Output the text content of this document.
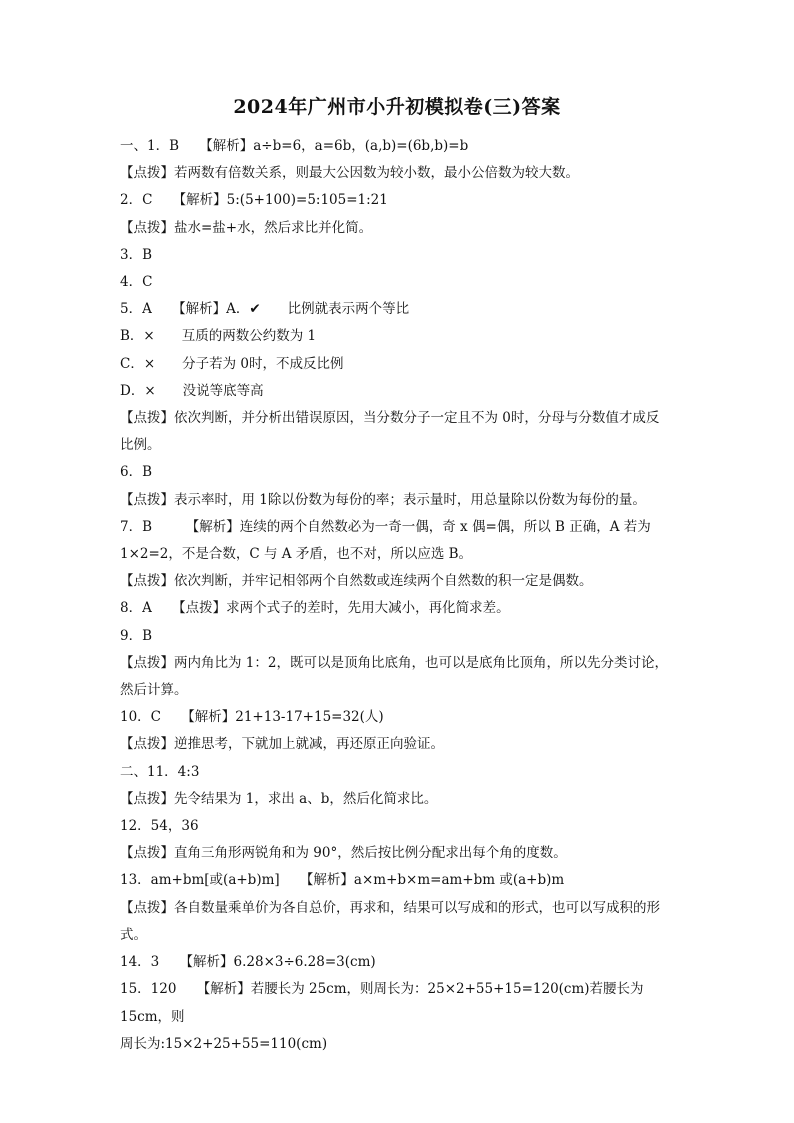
2024年广州市小升初模拟卷(三)答案

一、1．B　　【解析】a÷b=6，a=6b，(a,b)=(6b,b)=b

【点拨】若两数有倍数关系，则最大公因数为较小数，最小公倍数为较大数。

2．C　　【解析】5:(5+100)=5:105=1:21

【点拨】盐水=盐+水，然后求比并化简。

3．B

4．C

5．A　　【解析】A．✔　　比例就表示两个等比

B．×　　互质的两数公约数为 1

C．×　　分子若为 0时，不成反比例

D．×　　没说等底等高

【点拨】依次判断，并分析出错误原因，当分数分子一定且不为 0时，分母与分数值才成反

比例。

6．B

【点拨】表示率时，用 1除以份数为每份的率；表示量时，用总量除以份数为每份的量。

7．B　　　【解析】连续的两个自然数必为一奇一偶，奇 x 偶=偶，所以 B 正确，A 若为

1×2=2，不是合数，C 与 A 矛盾，也不对，所以应选 B。

【点拨】依次判断，并牢记相邻两个自然数或连续两个自然数的积一定是偶数。

8．A　　【点拨】求两个式子的差时，先用大减小，再化简求差。

9．B

【点拨】两内角比为 1：2，既可以是顶角比底角，也可以是底角比顶角，所以先分类讨论，

然后计算。

10．C　　【解析】21+13-17+15=32(人)

【点拨】逆推思考，下就加上就减，再还原正向验证。

二、11．4:3

【点拨】先令结果为 1，求出 a、b，然后化简求比。

12．54，36

【点拨】直角三角形两锐角和为 90°，然后按比例分配求出每个角的度数。

13．am+bm[或(a+b)m]　　【解析】a×m+b×m=am+bm 或(a+b)m

【点拨】各自数量乘单价为各自总价，再求和，结果可以写成和的形式，也可以写成积的形

式。

14．3　　【解析】6.28×3÷6.28=3(cm)

15．120　　【解析】若腰长为 25cm，则周长为：25×2+55+15=120(cm)若腰长为 15cm，则

周长为:15×2+25+55=110(cm)
